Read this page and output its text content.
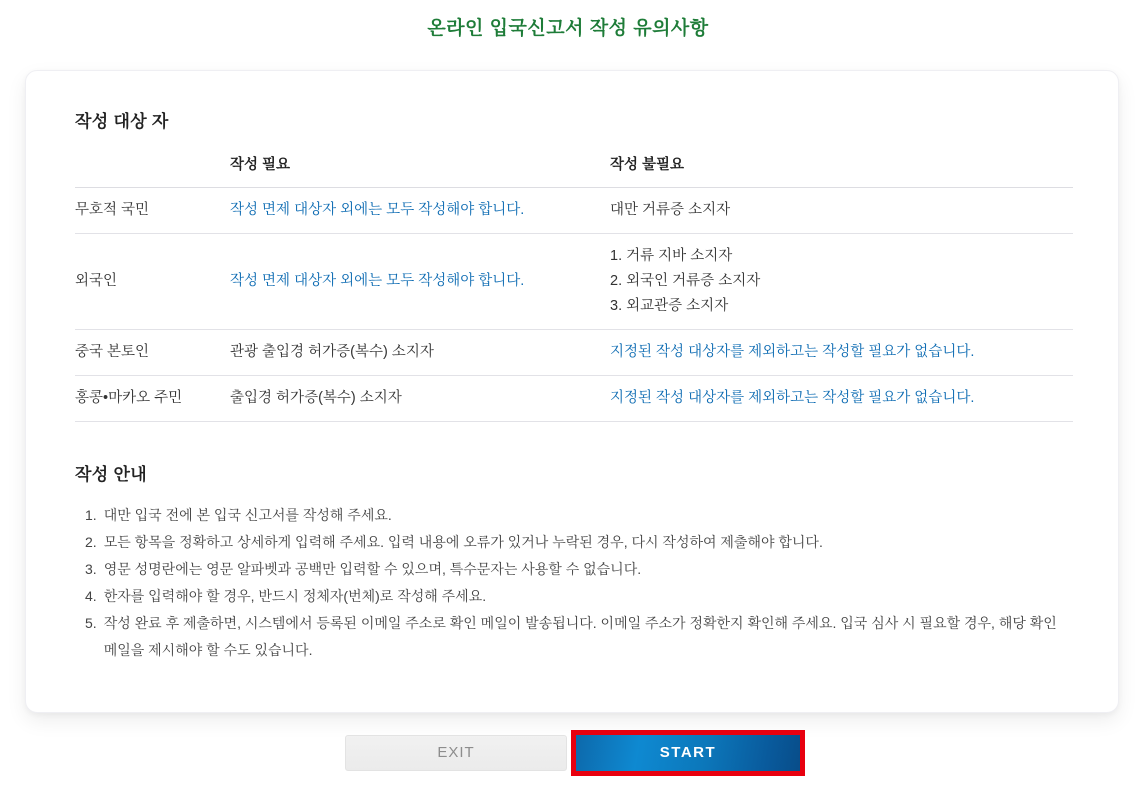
온라인 입국신고서 작성 유의사항
작성 대상 자
	작성 필요	작성 불필요
무호적 국민	작성 면제 대상자 외에는 모두 작성해야 합니다.	대만 거류증 소지자
외국인	작성 면제 대상자 외에는 모두 작성해야 합니다.	1. 거류 지바 소지자
2. 외국인 거류증 소지자
3. 외교관증 소지자

중국 본토인	관광 출입경 허가증(복수) 소지자	지정된 작성 대상자를 제외하고는 작성할 필요가 없습니다.
홍콩•마카오 주민	출입경 허가증(복수) 소지자	지정된 작성 대상자를 제외하고는 작성할 필요가 없습니다.
작성 안내
1. 대만 입국 전에 본 입국 신고서를 작성해 주세요.
2. 모든 항목을 정확하고 상세하게 입력해 주세요. 입력 내용에 오류가 있거나 누락된 경우, 다시 작성하여 제출해야 합니다.
3. 영문 성명란에는 영문 알파벳과 공백만 입력할 수 있으며, 특수문자는 사용할 수 없습니다.
4. 한자를 입력해야 할 경우, 반드시 정체자(번체)로 작성해 주세요.
5. 작성 완료 후 제출하면, 시스템에서 등록된 이메일 주소로 확인 메일이 발송됩니다. 이메일 주소가 정확한지 확인해 주세요. 입국 심사 시 필요할 경우, 해당 확인 메일을 제시해야 할 수도 있습니다.
EXIT	START
